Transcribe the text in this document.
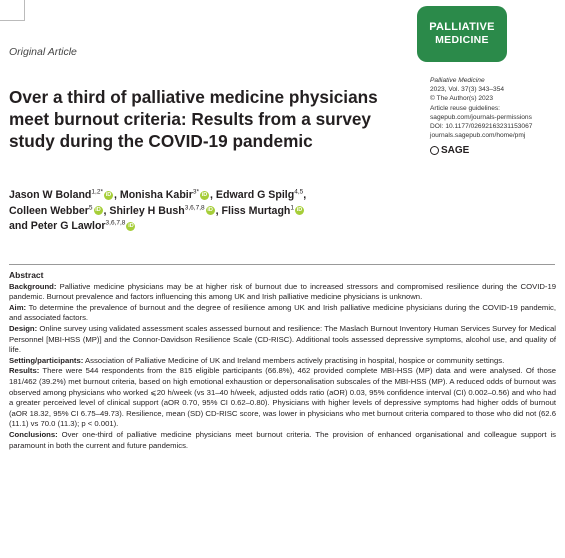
Original Article
PALLIATIVE
MEDICINE
Palliative Medicine
2023, Vol. 37(3) 343–354
© The Author(s) 2023
Article reuse guidelines:
sagepub.com/journals-permissions
DOI: 10.1177/02692163231153067
journals.sagepub.com/home/pmj
SAGE
Over a third of palliative medicine physicians meet burnout criteria: Results from a survey study during the COVID-19 pandemic
Jason W Boland$^{1,2*}$ iD , Monisha Kabir$^{3*}$ iD , Edward G Spilg$^{4,5}$,
Colleen Webber$^5$ iD , Shirley H Bush$^{3,6,7,8}$ iD , Fliss Murtagh$^1$ iD
and Peter G Lawlor$^{3,6,7,8}$ iD
Abstract

Background: Palliative medicine physicians may be at higher risk of burnout due to increased stressors and compromised resilience during the COVID-19 pandemic. Burnout prevalence and factors influencing this among UK and Irish palliative medicine physicians is unknown.

Aim: To determine the prevalence of burnout and the degree of resilience among UK and Irish palliative medicine physicians during the COVID-19 pandemic, and associated factors.

Design: Online survey using validated assessment scales assessed burnout and resilience: The Maslach Burnout Inventory Human Services Survey for Medical Personnel [MBI-HSS (MP)] and the Connor-Davidson Resilience Scale (CD-RISC). Additional tools assessed depressive symptoms, alcohol use, and quality of life.

Setting/participants: Association of Palliative Medicine of UK and Ireland members actively practising in hospital, hospice or community settings.

Results: There were 544 respondents from the 815 eligible participants (66.8%), 462 provided complete MBI-HSS (MP) data and were analysed. Of those 181/462 (39.2%) met burnout criteria, based on high emotional exhaustion or depersonalisation subscales of the MBI-HSS (MP). A reduced odds of burnout was observed among physicians who worked ⩽20 h/week (vs 31–40 h/week, adjusted odds ratio (aOR) 0.03, 95% confidence interval (CI) 0.002–0.56) and who had a greater perceived level of clinical support (aOR 0.70, 95% CI 0.62–0.80). Physicians with higher levels of depressive symptoms had higher odds of burnout (aOR 18.32, 95% CI 6.75–49.73). Resilience, mean (SD) CD-RISC score, was lower in physicians who met burnout criteria compared to those who did not (62.6 (11.1) vs 70.0 (11.3); p < 0.001).

Conclusions: Over one-third of palliative medicine physicians meet burnout criteria. The provision of enhanced organisational and colleague support is paramount in both the current and future pandemics.
